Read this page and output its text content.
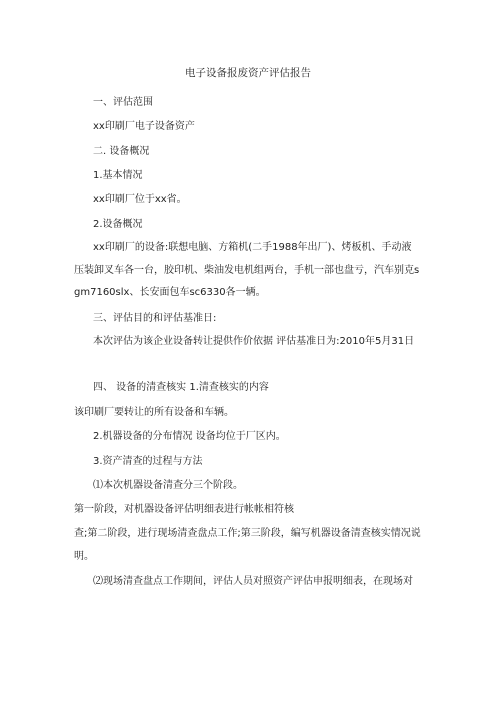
电子设备报废资产评估报告
一、评估范围
xx印刷厂电子设备资产
二. 设备概况
1.基本情况
xx印刷厂位于xx省。
2.设备概况

xx印刷厂的设备:联想电脑、方箱机(二手1988年出厂)、烤板机、手动液压装卸叉车各一台，胶印机、柴油发电机组两台，手机一部也盘亏，汽车别克sgm7160slx、长安面包车sc6330各一辆。

三、评估目的和评估基准日:

本次评估为该企业设备转让提供作价依据 评估基准日为:2010年5月31日

四、 设备的清查核实 1.清查核实的内容
该印刷厂要转让的所有设备和车辆。
2.机器设备的分布情况 设备均位于厂区内。
3.资产清查的过程与方法
⑴本次机器设备清查分三个阶段。
第一阶段，对机器设备评估明细表进行帐帐相符核

查;第二阶段，进行现场清查盘点工作;第三阶段，编写机器设备清查核实情况说明。

⑵现场清查盘点工作期间，评估人员对照资产评估申报明细表，在现场对
